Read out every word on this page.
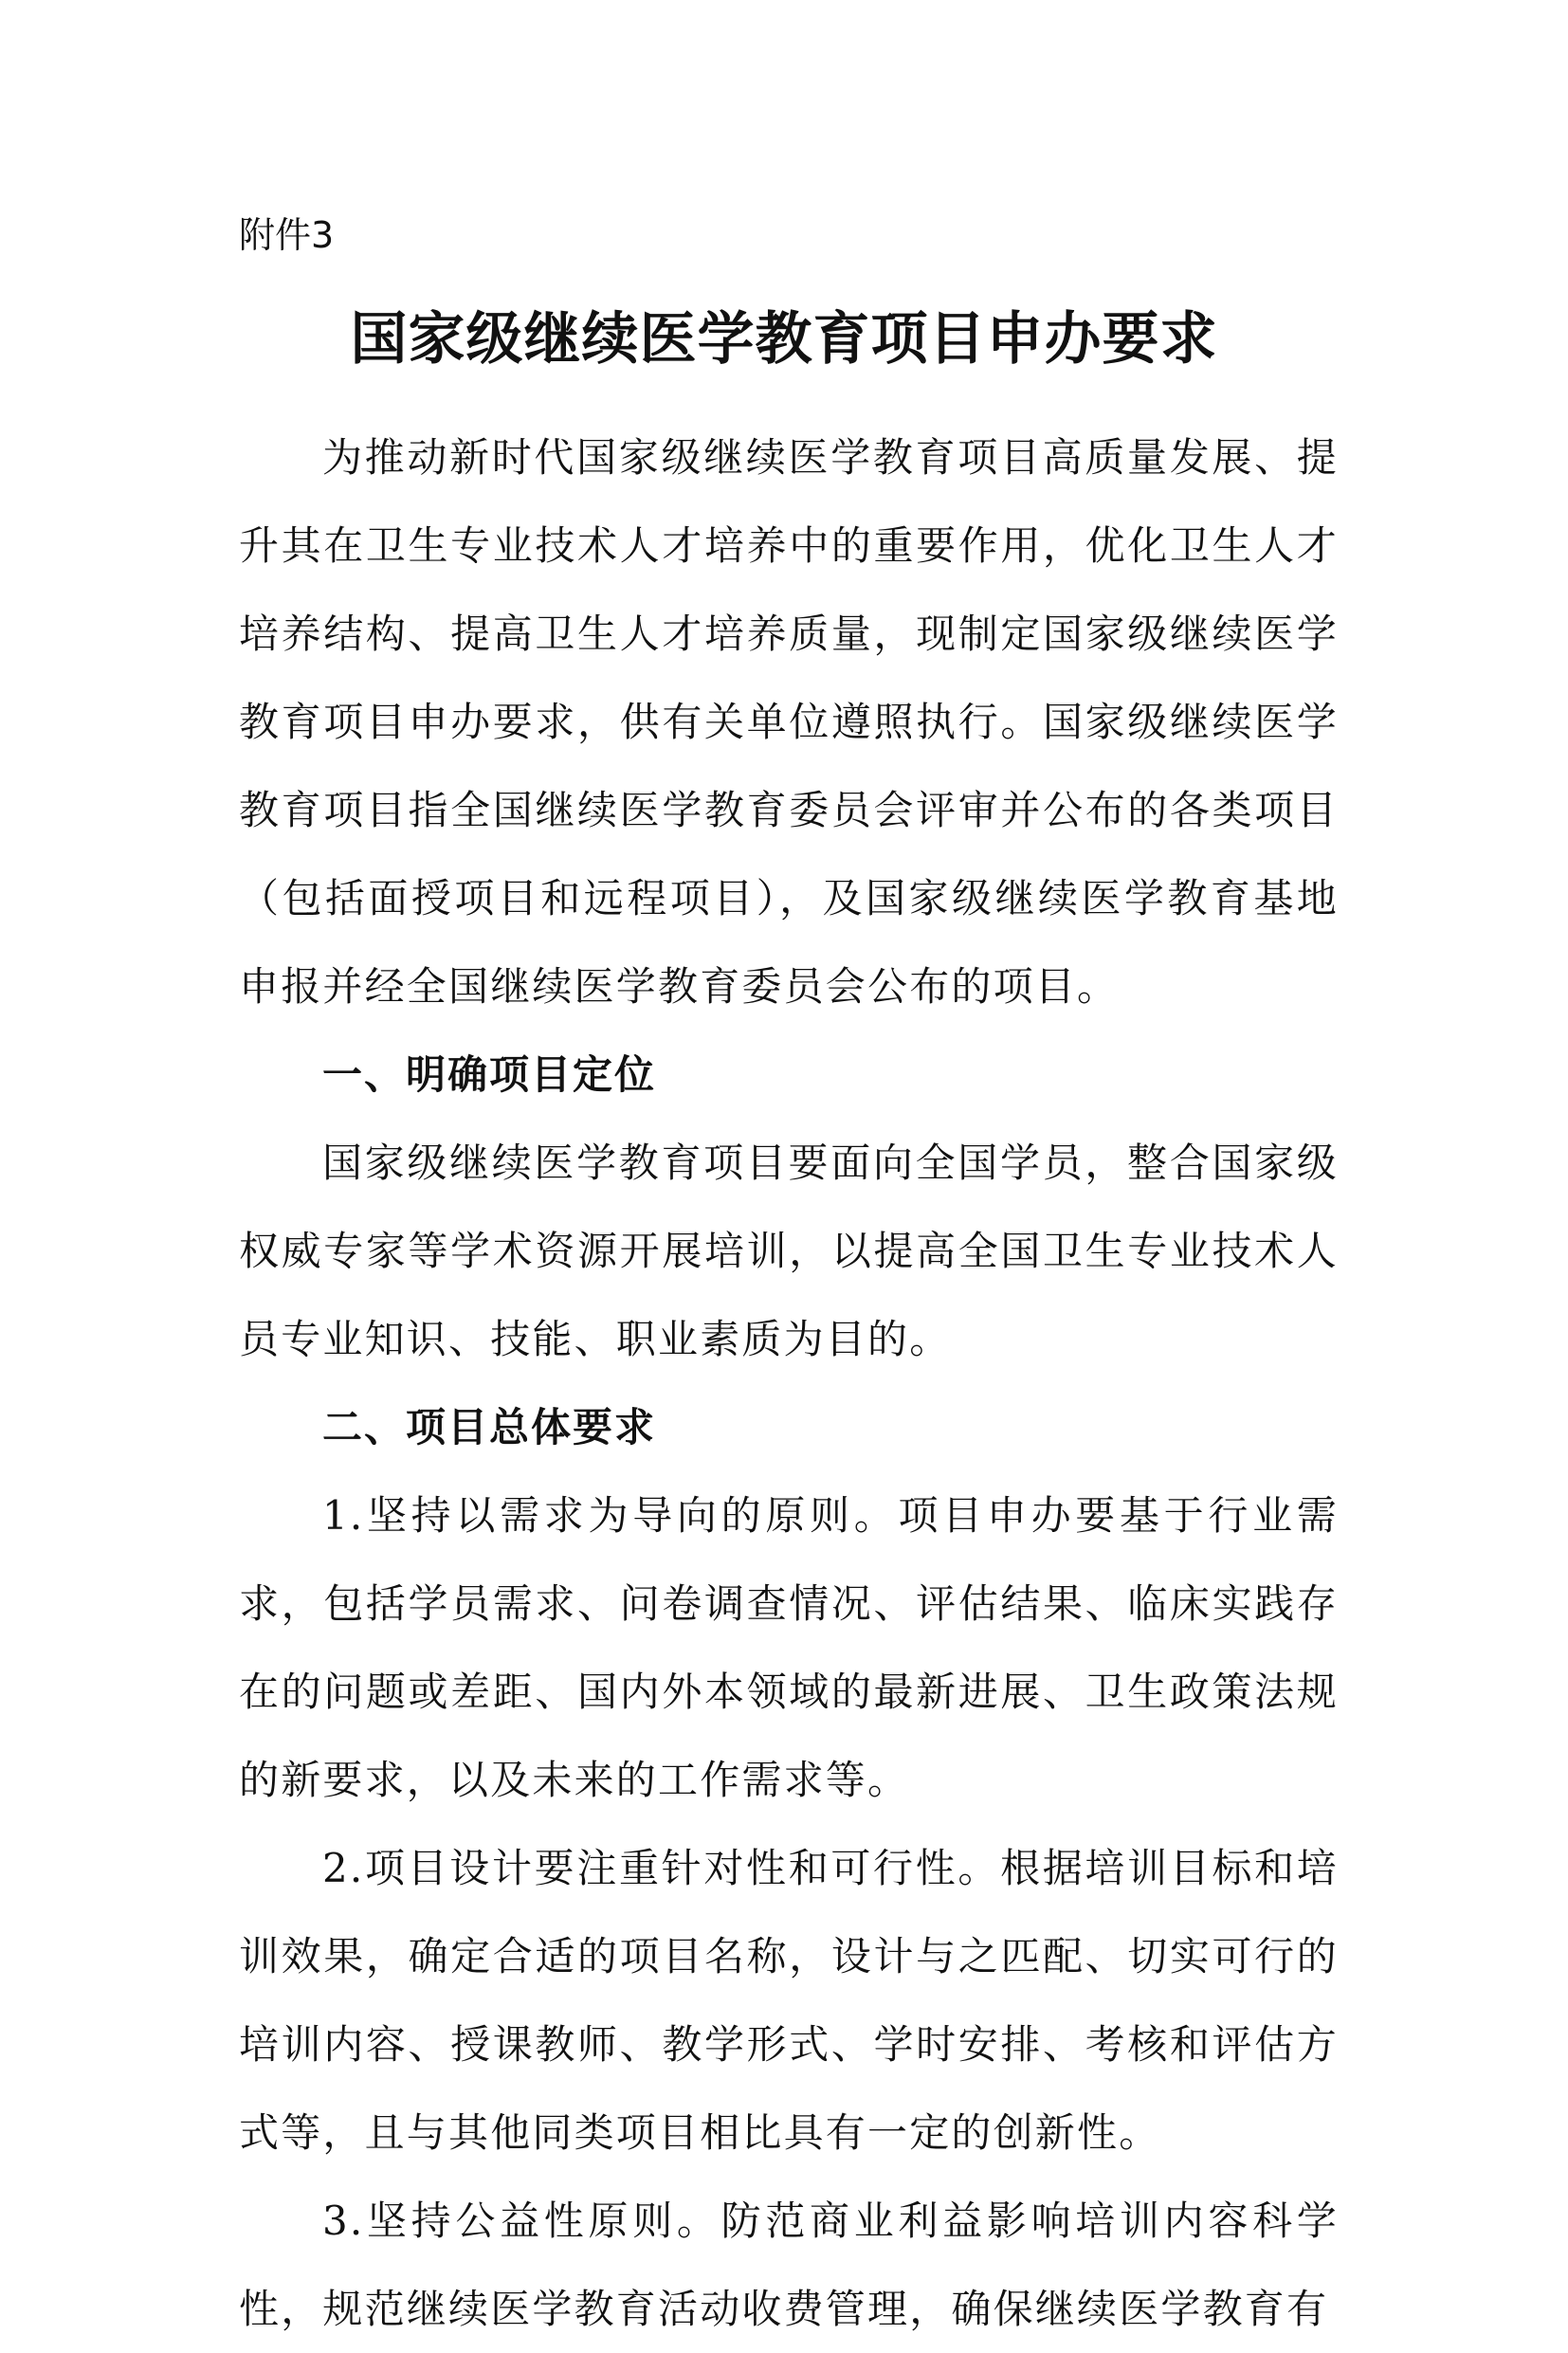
附件3

国家级继续医学教育项目申办要求

为推动新时代国家级继续医学教育项目高质量发展、提升其在卫生专业技术人才培养中的重要作用，优化卫生人才培养结构、提高卫生人才培养质量，现制定国家级继续医学教育项目申办要求，供有关单位遵照执行。国家级继续医学教育项目指全国继续医学教育委员会评审并公布的各类项目（包括面授项目和远程项目），及国家级继续医学教育基地申报并经全国继续医学教育委员会公布的项目。

一、明确项目定位

国家级继续医学教育项目要面向全国学员，整合国家级权威专家等学术资源开展培训，以提高全国卫生专业技术人员专业知识、技能、职业素质为目的。

二、项目总体要求

1.坚持以需求为导向的原则。项目申办要基于行业需求，包括学员需求、问卷调查情况、评估结果、临床实践存在的问题或差距、国内外本领域的最新进展、卫生政策法规的新要求，以及未来的工作需求等。

2.项目设计要注重针对性和可行性。根据培训目标和培训效果，确定合适的项目名称，设计与之匹配、切实可行的培训内容、授课教师、教学形式、学时安排、考核和评估方式等，且与其他同类项目相比具有一定的创新性。

3.坚持公益性原则。防范商业利益影响培训内容科学性，规范继续医学教育活动收费管理，确保继续医学教育有
